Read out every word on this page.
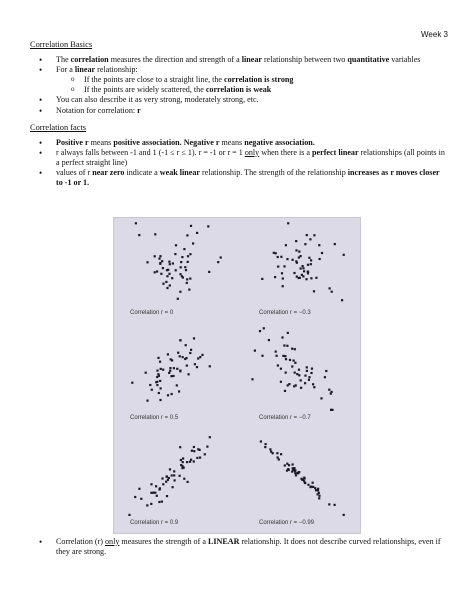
Week 3
Correlation Basics
• The correlation measures the direction and strength of a linear relationship between two quantitative variables
• For a linear relationship:
o If the points are close to a straight line, the correlation is strong
o If the points are widely scattered, the correlation is weak
• You can also describe it as very strong, moderately strong, etc.
• Notation for correlation: r
Correlation facts
• Positive r means positive association. Negative r means negative association.
• r always falls between -1 and 1 (-1 ≤ r ≤ 1). r = -1 or r = 1 only when there is a perfect linear relationships (all points in a perfect straight line)
• values of r near zero indicate a weak linear relationship. The strength of the relationship increases as r moves closer to -1 or 1.
Correlation r = 0	Correlation r = −0.3
Correlation r = 0.5	Correlation r = −0.7
Correlation r = 0.9	Correlation r = −0.99
• Correlation (r) only measures the strength of a LINEAR relationship. It does not describe curved relationships, even if they are strong.
